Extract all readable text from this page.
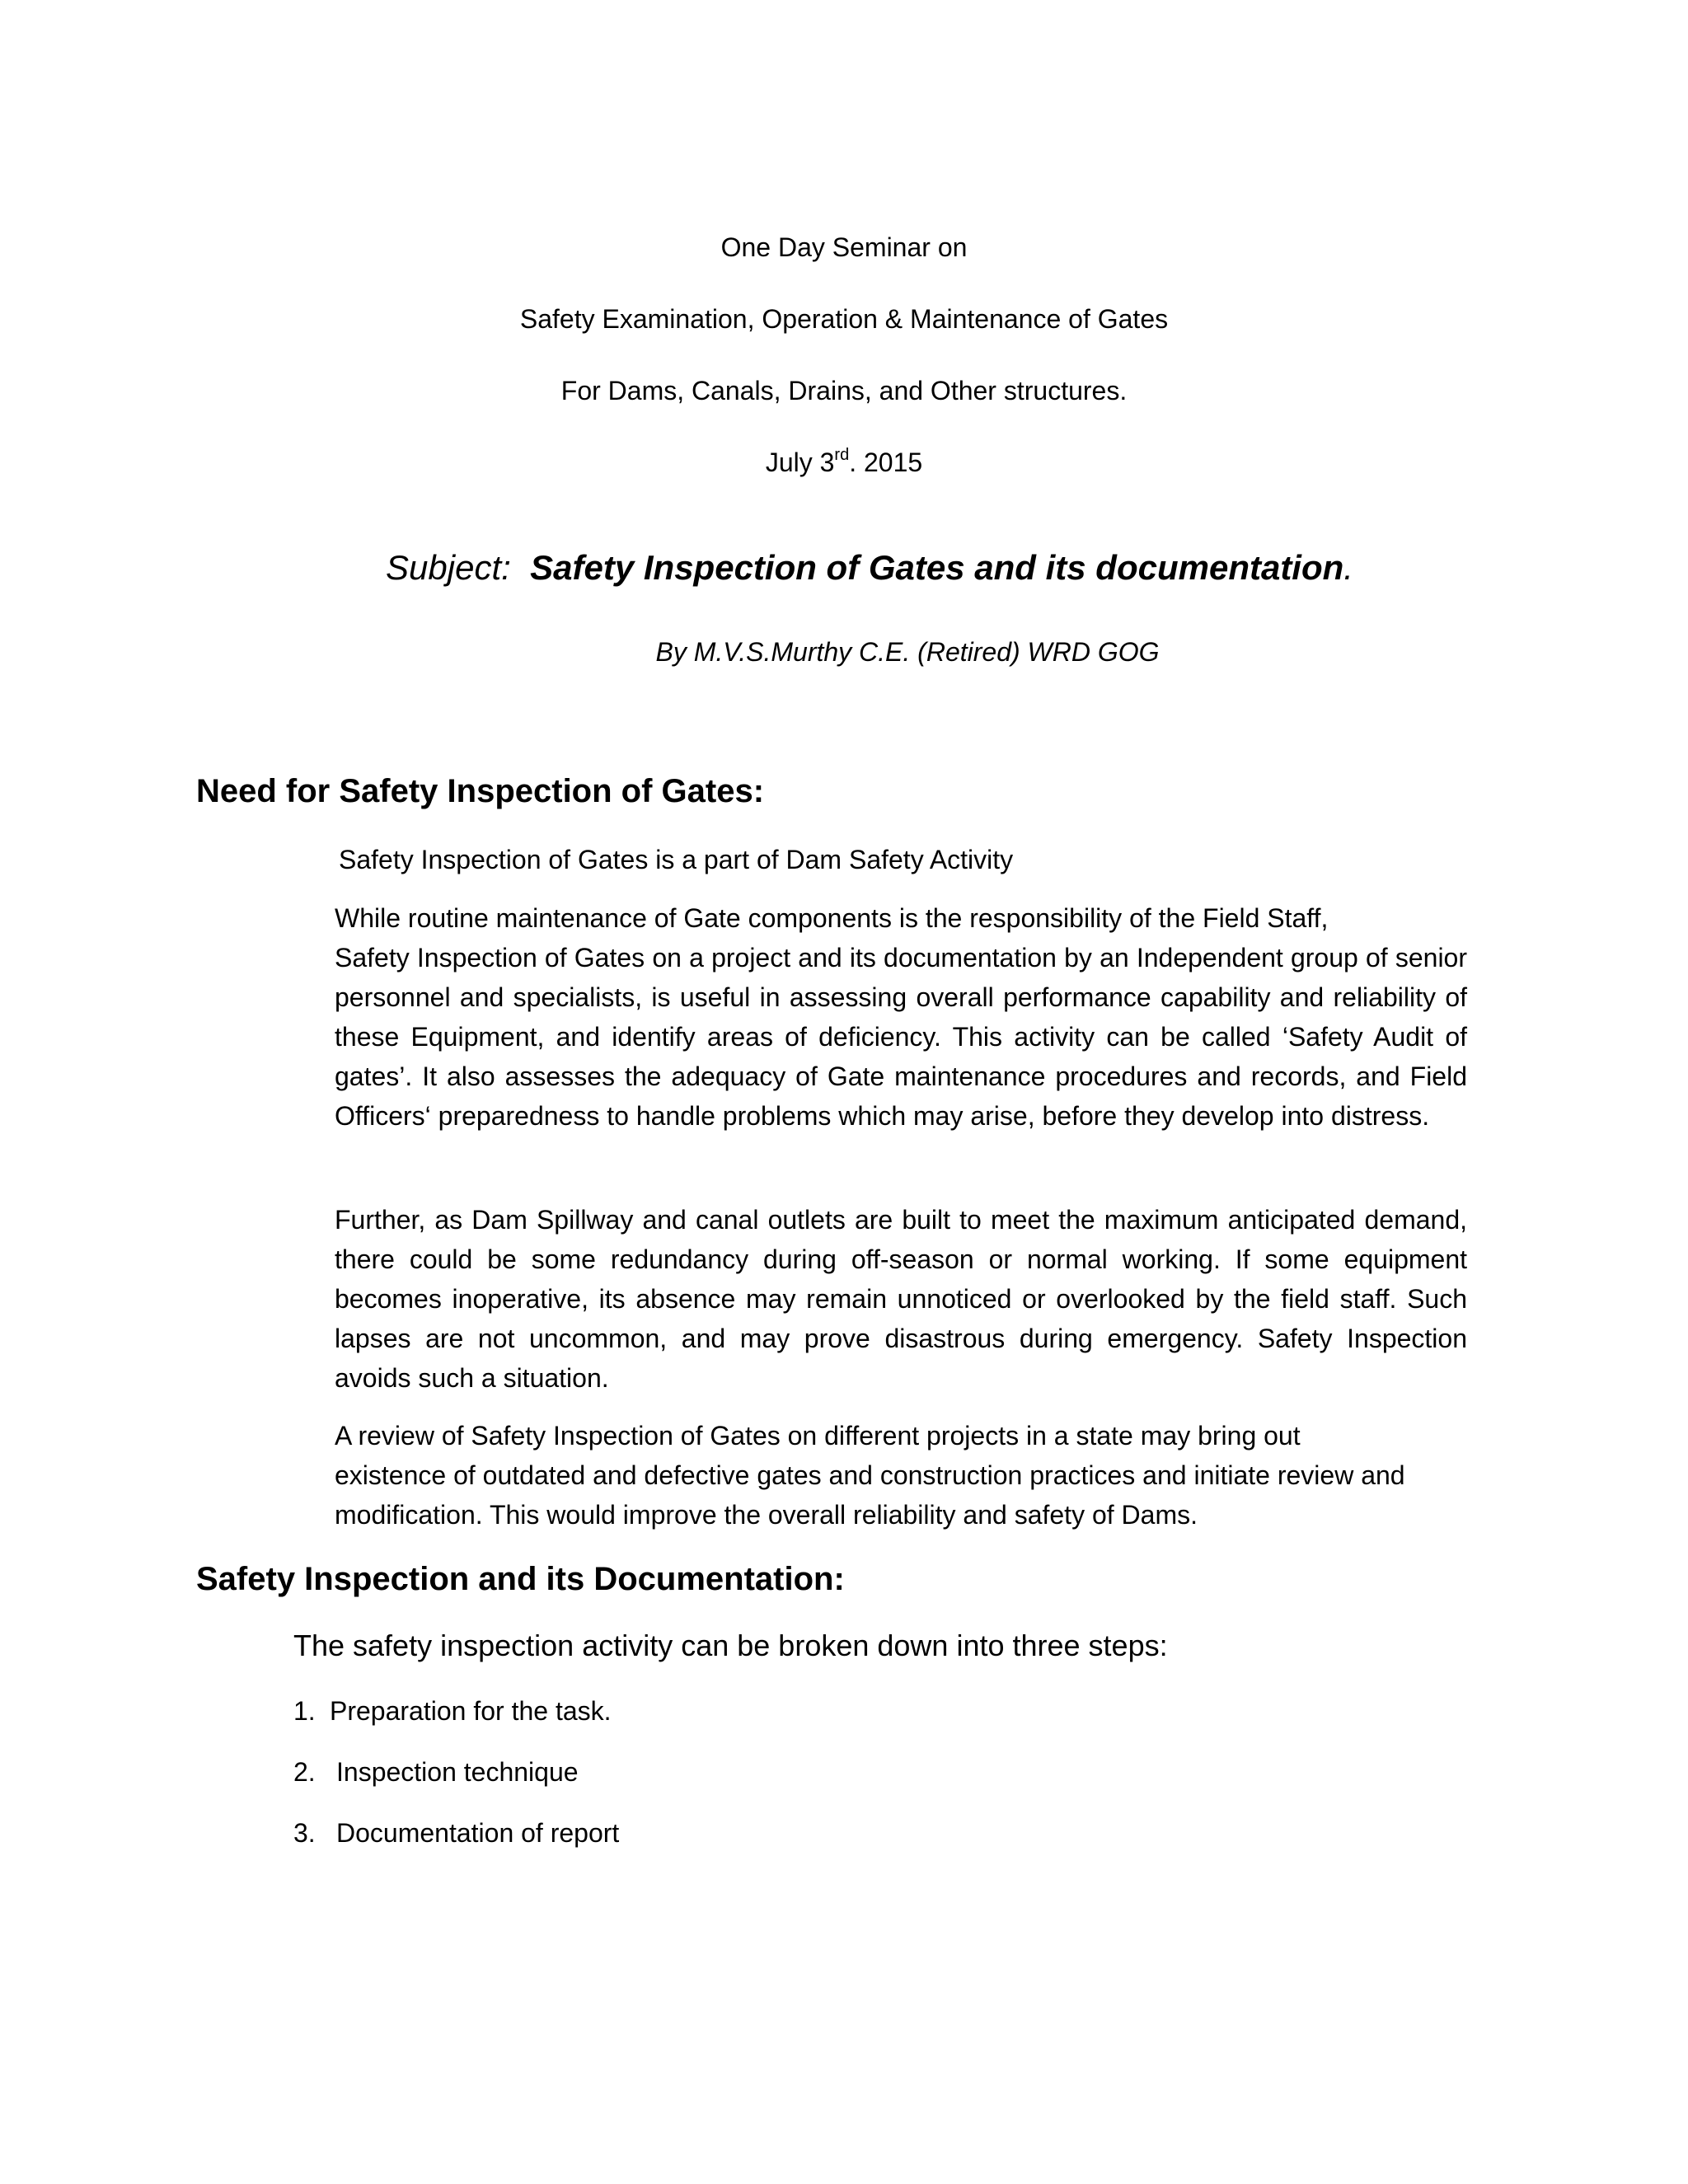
One Day Seminar on
Safety Examination, Operation & Maintenance of Gates
For Dams, Canals, Drains, and Other structures.
July 3rd. 2015
Subject: Safety Inspection of Gates and its documentation.
By M.V.S.Murthy C.E. (Retired) WRD GOG
Need for Safety Inspection of Gates:
Safety Inspection of Gates is a part of Dam Safety Activity
While routine maintenance of Gate components is the responsibility of the Field Staff,
Safety Inspection of Gates on a project and its documentation by an Independent group of senior personnel and specialists, is useful in assessing overall performance capability and reliability of these Equipment, and identify areas of deficiency. This activity can be called ‘Safety Audit of gates’. It also assesses the adequacy of Gate maintenance procedures and records, and Field Officers‘ preparedness to handle problems which may arise, before they develop into distress.
Further, as Dam Spillway and canal outlets are built to meet the maximum anticipated demand, there could be some redundancy during off-season or normal working. If some equipment becomes inoperative, its absence may remain unnoticed or overlooked by the field staff. Such lapses are not uncommon, and may prove disastrous during emergency. Safety Inspection avoids such a situation.
A review of Safety Inspection of Gates on different projects in a state may bring out
existence of outdated and defective gates and construction practices and initiate review and
modification. This would improve the overall reliability and safety of Dams.
Safety Inspection and its Documentation:
The safety inspection activity can be broken down into three steps:
1. Preparation for the task.
2. Inspection technique
3. Documentation of report
